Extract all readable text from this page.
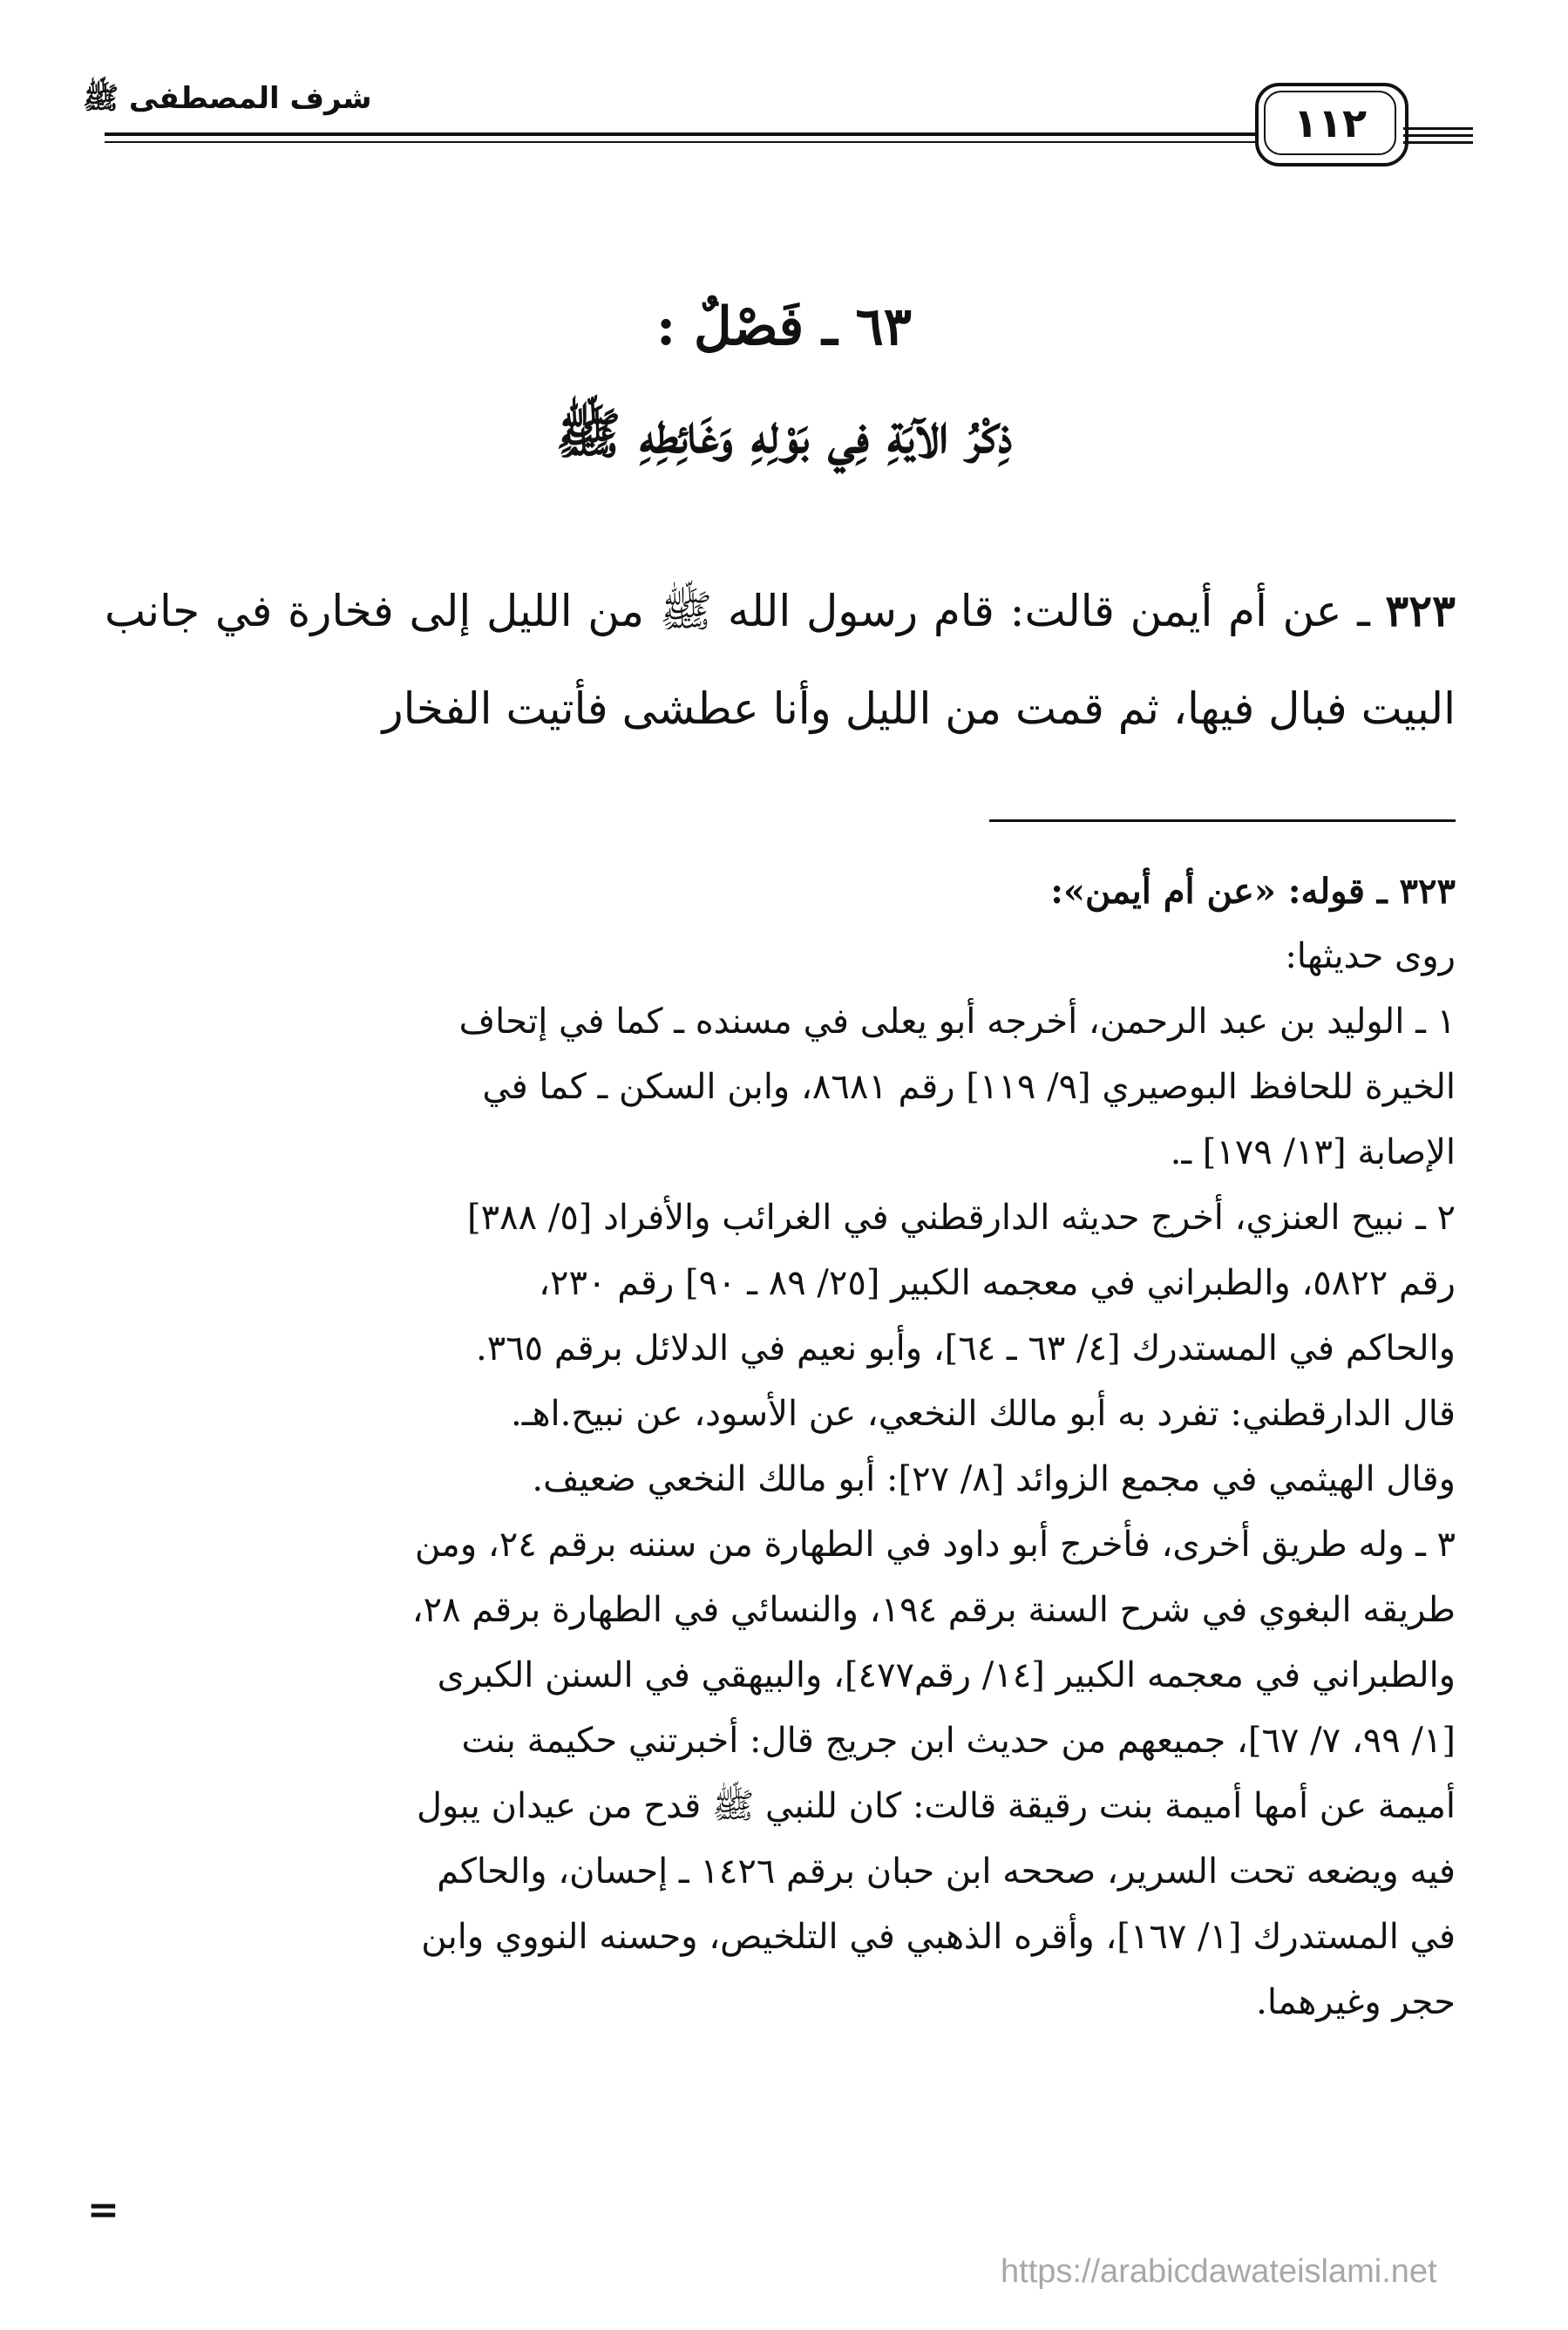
شرف المصطفى ﷺ
١١٢
٦٣ ـ فَصْلٌ :
ذِكْرُ الآيَةِ فِي بَوْلِهِ وَغَائِطِهِ ﷺ
٣٢٣ ـ عن أم أيمن قالت: قام رسول الله ﷺ من الليل إلى فخارة في جانب البيت فبال فيها، ثم قمت من الليل وأنا عطشى فأتيت الفخار
٣٢٣ ـ قوله: «عن أم أيمن»:
روى حديثها:
١ ـ الوليد بن عبد الرحمن، أخرجه أبو يعلى في مسنده ـ كما في إتحاف
الخيرة للحافظ البوصيري [٩/ ١١٩] رقم ٨٦٨١، وابن السكن ـ كما في
الإصابة [١٣/ ١٧٩] ـ.
٢ ـ نبيح العنزي، أخرج حديثه الدارقطني في الغرائب والأفراد [٥/ ٣٨٨]
رقم ٥٨٢٢، والطبراني في معجمه الكبير [٢٥/ ٨٩ ـ ٩٠] رقم ٢٣٠،
والحاكم في المستدرك [٤/ ٦٣ ـ ٦٤]، وأبو نعيم في الدلائل برقم ٣٦٥.
قال الدارقطني: تفرد به أبو مالك النخعي، عن الأسود، عن نبيح.اهـ.
وقال الهيثمي في مجمع الزوائد [٨/ ٢٧]: أبو مالك النخعي ضعيف.
٣ ـ وله طريق أخرى، فأخرج أبو داود في الطهارة من سننه برقم ٢٤، ومن
طريقه البغوي في شرح السنة برقم ١٩٤، والنسائي في الطهارة برقم ٢٨،
والطبراني في معجمه الكبير [١٤/ رقم٤٧٧]، والبيهقي في السنن الكبرى
[١/ ٩٩، ٧/ ٦٧]، جميعهم من حديث ابن جريج قال: أخبرتني حكيمة بنت
أميمة عن أمها أميمة بنت رقيقة قالت: كان للنبي ﷺ قدح من عيدان يبول
فيه ويضعه تحت السرير، صححه ابن حبان برقم ١٤٢٦ ـ إحسان، والحاكم
في المستدرك [١/ ١٦٧]، وأقره الذهبي في التلخيص، وحسنه النووي وابن
حجر وغيرهما.
=
https://arabicdawateislami.net
